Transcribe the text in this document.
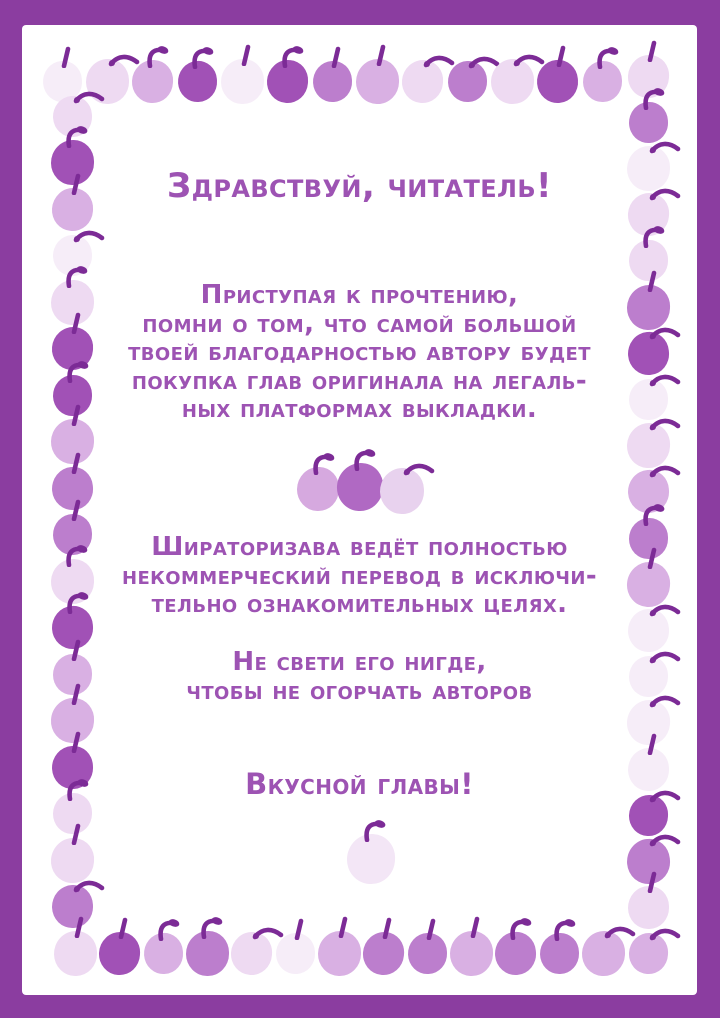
Здравствуй, читатель!
Приступая к прочтению,
помни о том, что самой большой
твоей благодарностью автору будет
покупка глав оригинала на легаль-
ных платформах выкладки.
Шираторизава ведёт полностью
некоммерческий перевод в исключи-
тельно ознакомительных целях.
Не свети его нигде,
чтобы не огорчать авторов
Вкусной главы!
